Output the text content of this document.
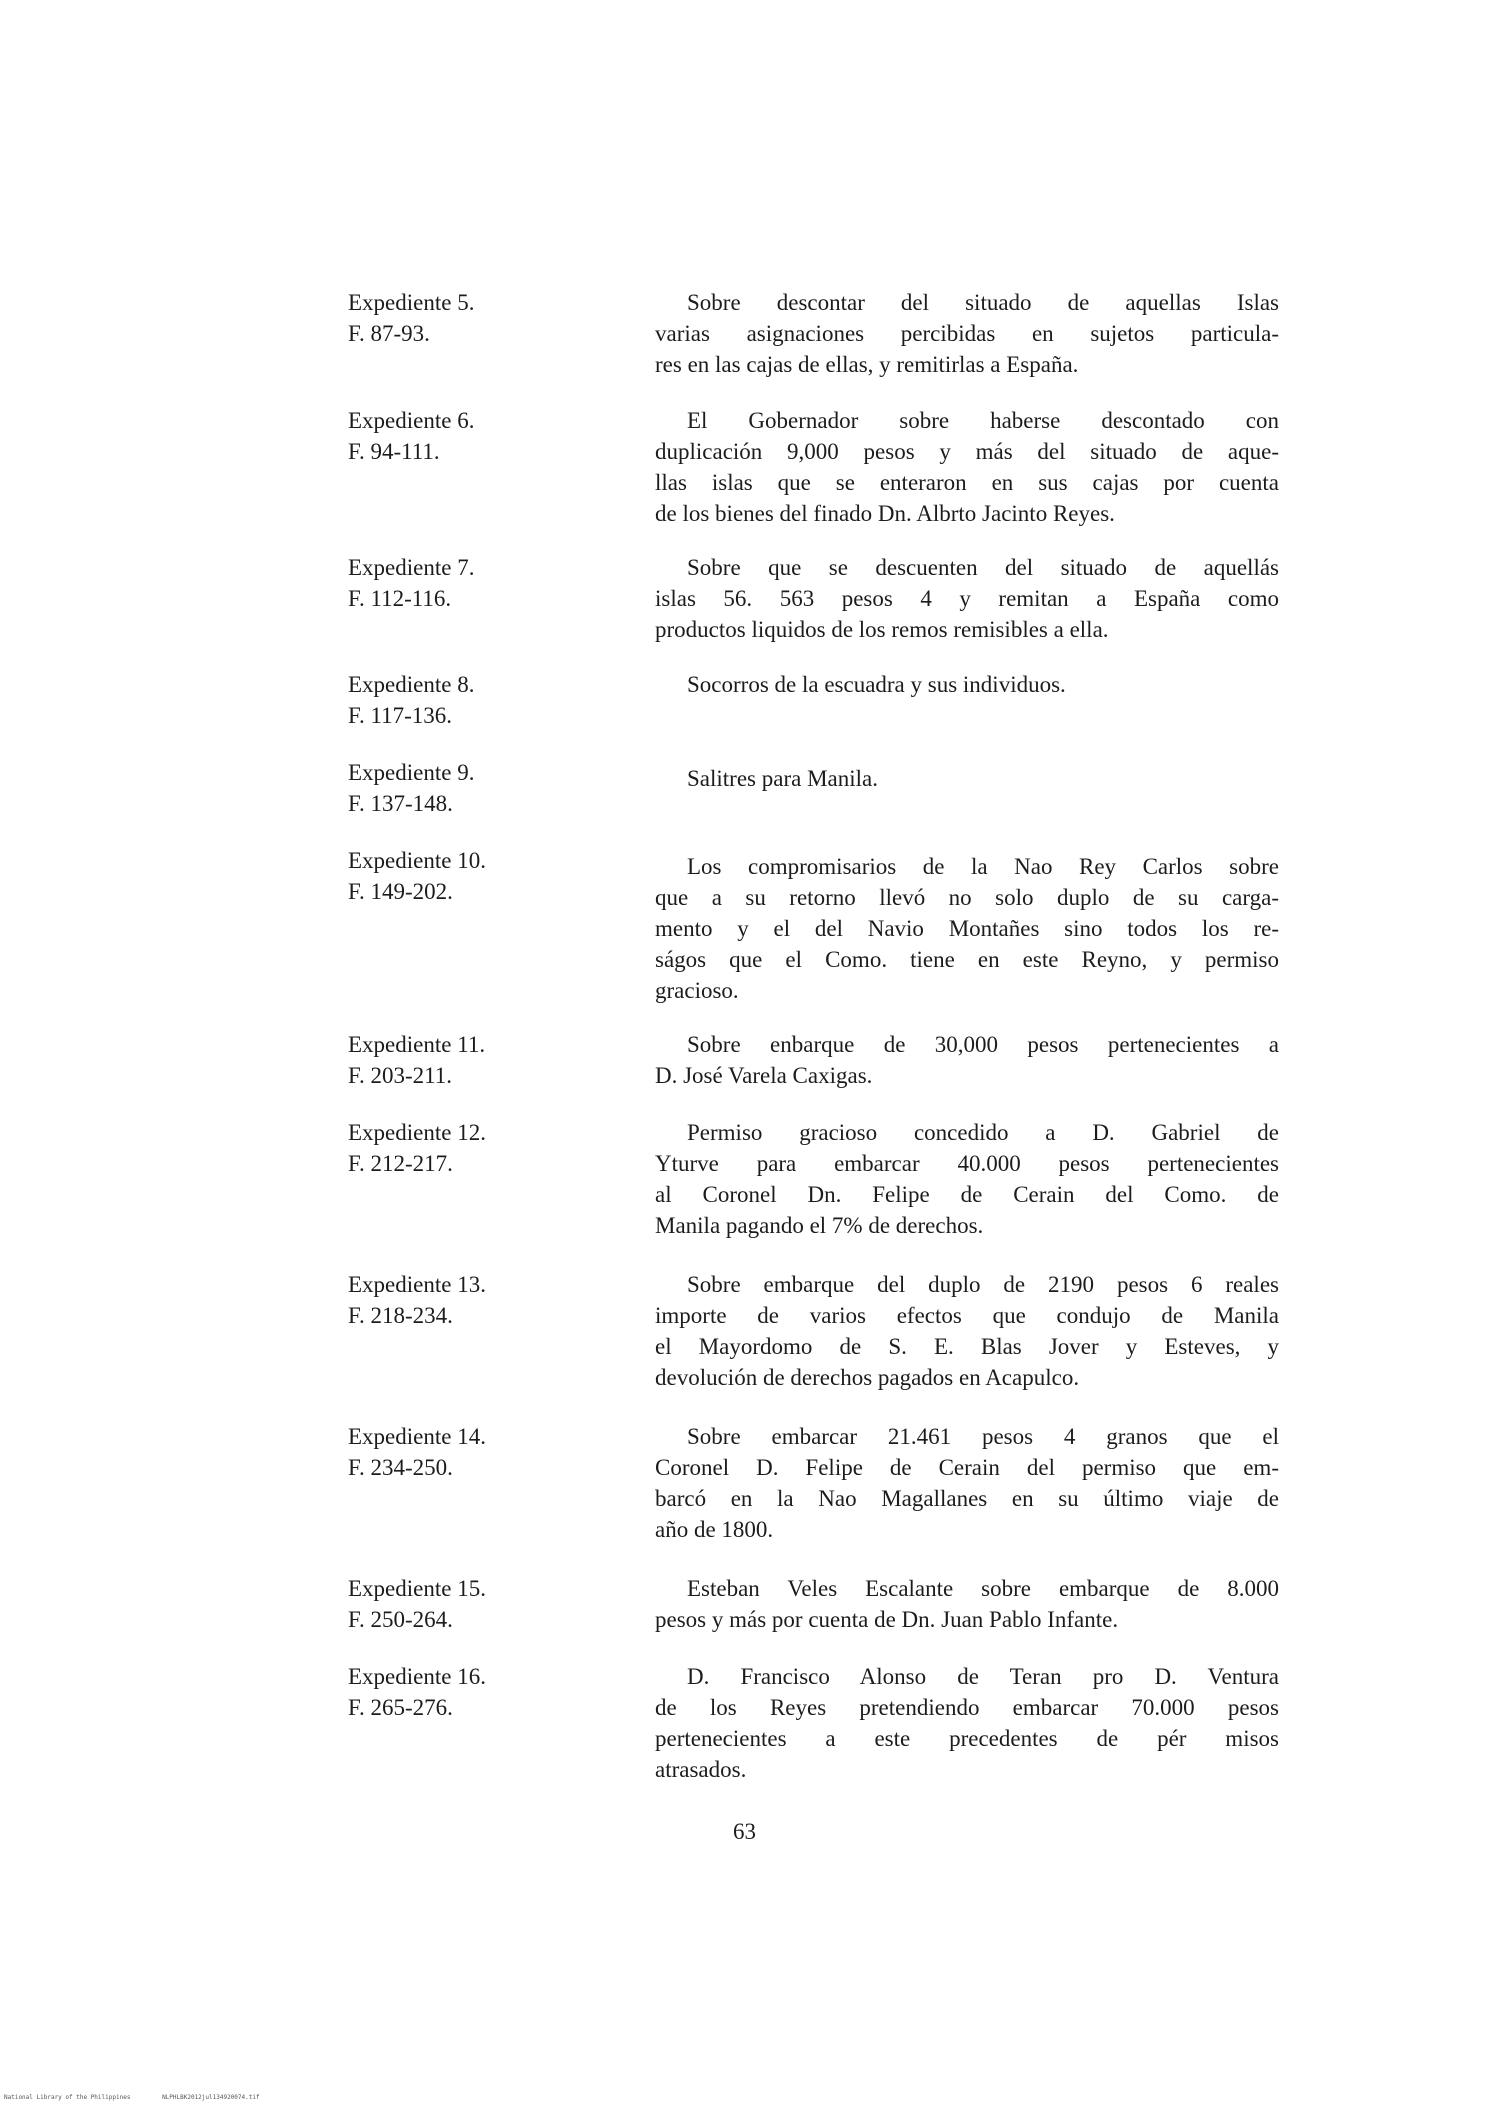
Expediente 5.
F. 87-93.
Sobre descontar del situado de aquellas Islas
varias asignaciones percibidas en sujetos particula-
res en las cajas de ellas, y remitirlas a España.
Expediente 6.
F. 94-111.
El Gobernador sobre haberse descontado con
duplicación 9,000 pesos y más del situado de aque-
llas islas que se enteraron en sus cajas por cuenta
de los bienes del finado Dn. Albrto Jacinto Reyes.
Expediente 7.
F. 112-116.
Sobre que se descuenten del situado de aquellás
islas 56. 563 pesos 4 y remitan a España como
productos liquidos de los remos remisibles a ella.
Expediente 8.
F. 117-136.
Socorros de la escuadra y sus individuos.
Expediente 9.
F. 137-148.
Salitres para Manila.
Expediente 10.
F. 149-202.
Los compromisarios de la Nao Rey Carlos sobre
que a su retorno llevó no solo duplo de su carga-
mento y el del Navio Montañes sino todos los re-
ságos que el Como. tiene en este Reyno, y permiso
gracioso.
Expediente 11.
F. 203-211.
Sobre enbarque de 30,000 pesos pertenecientes a
D. José Varela Caxigas.
Expediente 12.
F. 212-217.
Permiso gracioso concedido a D. Gabriel de
Yturve para embarcar 40.000 pesos pertenecientes
al Coronel Dn. Felipe de Cerain del Como. de
Manila pagando el 7% de derechos.
Expediente 13.
F. 218-234.
Sobre embarque del duplo de 2190 pesos 6 reales
importe de varios efectos que condujo de Manila
el Mayordomo de S. E. Blas Jover y Esteves, y
devolución de derechos pagados en Acapulco.
Expediente 14.
F. 234-250.
Sobre embarcar 21.461 pesos 4 granos que el
Coronel D. Felipe de Cerain del permiso que em-
barcó en la Nao Magallanes en su último viaje de
año de 1800.
Expediente 15.
F. 250-264.
Esteban Veles Escalante sobre embarque de 8.000
pesos y más por cuenta de Dn. Juan Pablo Infante.
Expediente 16.
F. 265-276.
D. Francisco Alonso de Teran pro D. Ventura
de los Reyes pretendiendo embarcar 70.000 pesos
pertenecientes a este precedentes de pér misos
atrasados.
63
National Library of the Philippines	NLPHLBK2012jul134920074.tif
